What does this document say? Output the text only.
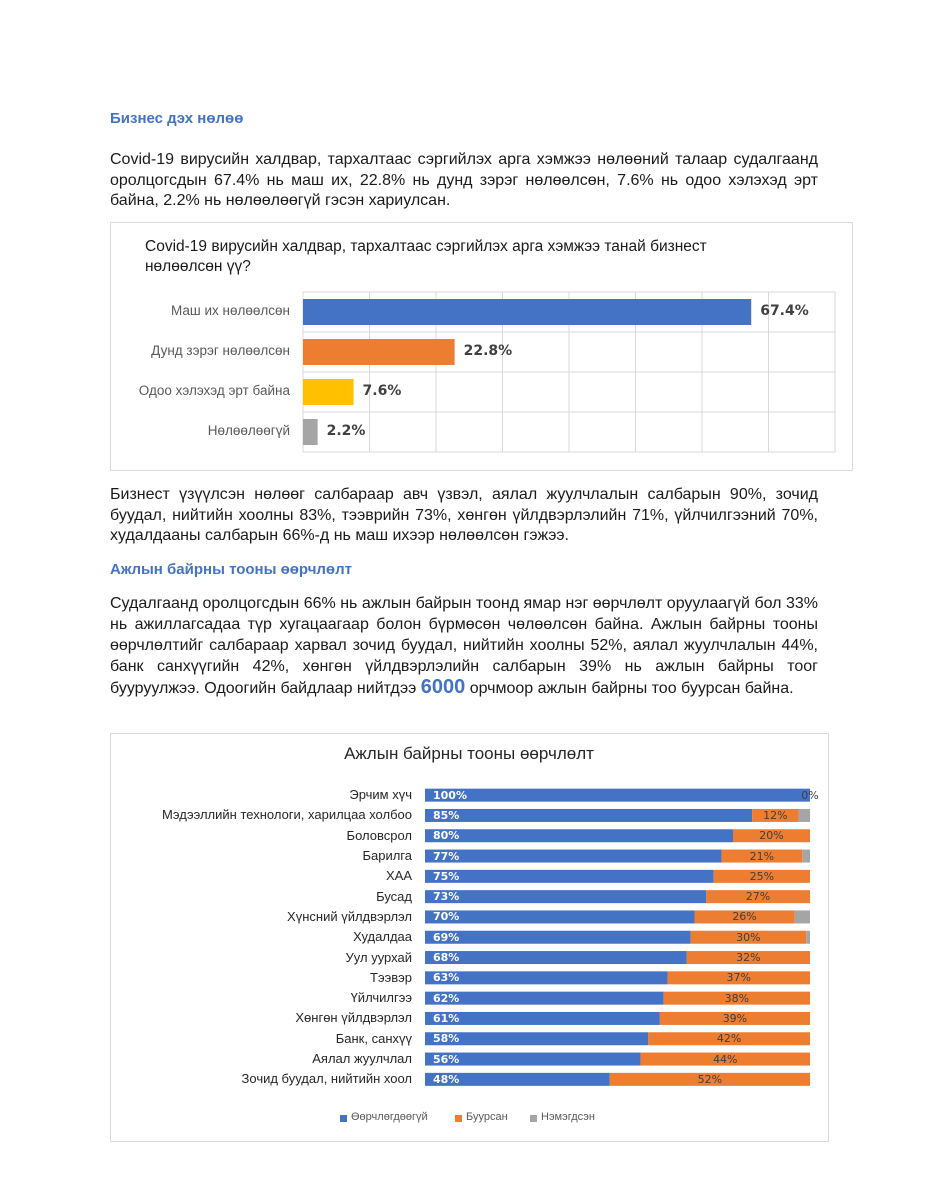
Бизнес дэх нөлөө

Covid-19 вирусийн халдвар, тархалтаас сэргийлэх арга хэмжээ нөлөөний талаар судалгаанд оролцогсдын 67.4% нь маш их, 22.8% нь дунд зэрэг нөлөөлсөн, 7.6% нь одоо хэлэхэд эрт байна, 2.2% нь нөлөөлөөгүй гэсэн хариулсан.

Covid-19 вирусийн халдвар, тархалтаас сэргийлэх арга хэмжээ танай бизнест нөлөөлсөн үү?

Бизнест үзүүлсэн нөлөөг салбараар авч үзвэл, аялал жуулчлалын салбарын 90%, зочид буудал, нийтийн хоолны 83%, тээврийн 73%, хөнгөн үйлдвэрлэлийн 71%, үйлчилгээний 70%, худалдааны салбарын 66%-д нь маш ихээр нөлөөлсөн гэжээ.

Ажлын байрны тооны өөрчлөлт

Судалгаанд оролцогсдын 66% нь ажлын байрын тоонд ямар нэг өөрчлөлт оруулаагүй бол 33% нь ажиллагсадаа түр хугацаагаар болон бүрмөсөн чөлөөлсөн байна. Ажлын байрны тооны өөрчлөлтийг салбараар харвал зочид буудал, нийтийн хоолны 52%, аялал жуулчлалын 44%, банк санхүүгийн 42%, хөнгөн үйлдвэрлэлийн салбарын 39% нь ажлын байрны тоог бууруулжээ. Одоогийн байдлаар нийтдээ 6000 орчмоор ажлын байрны тоо буурсан байна.

Ажлын байрны тооны өөрчлөлт
Маш их нөлөөлсөн	67.4%
Дунд зэрэг нөлөөлсөн	22.8%
Одоо хэлэхэд эрт байна	7.6%
Нөлөөлөөгүй	2.2%
Эрчим хүч 100%	0%
Мэдээллийн технологи, харилцаа холбоо 85%	12%
Боловсрол 80%	20%
Барилга 77%	21%
ХАА 75%	25%
Бусад 73%	27%
Хүнсний үйлдвэрлэл 70%	26%
Худалдаа 69%	30%
Уул уурхай 68%	32%
Тээвэр 63%	37%
Үйлчилгээ 62%	38%
Хөнгөн үйлдвэрлэл 61%	39%
Банк, санхүү 58%	42%
Аялал жуулчлал 56%	44%
Зочид буудал, нийтийн хоол 48%	52%
Өөрчлөгдөөгүй	Буурсан	Нэмэгдсэн
